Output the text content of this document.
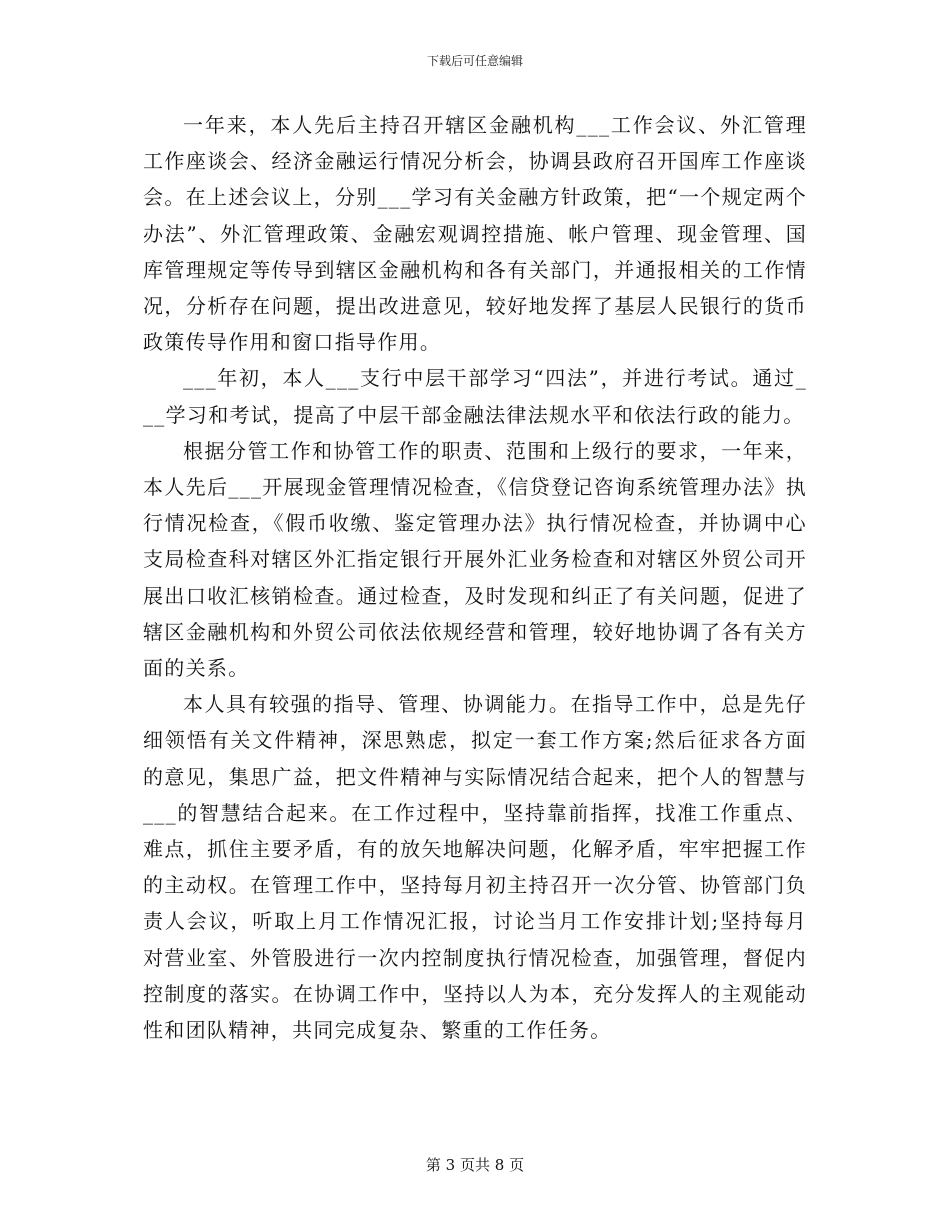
下载后可任意编辑

一年来，本人先后主持召开辖区金融机构___工作会议、外汇管理工作座谈会、经济金融运行情况分析会，协调县政府召开国库工作座谈会。在上述会议上，分别___学习有关金融方针政策，把“一个规定两个办法”、外汇管理政策、金融宏观调控措施、帐户管理、现金管理、国库管理规定等传导到辖区金融机构和各有关部门，并通报相关的工作情况，分析存在问题，提出改进意见，较好地发挥了基层人民银行的货币政策传导作用和窗口指导作用。

___年初，本人___支行中层干部学习“四法”，并进行考试。通过___学习和考试，提高了中层干部金融法律法规水平和依法行政的能力。

根据分管工作和协管工作的职责、范围和上级行的要求，一年来，本人先后___开展现金管理情况检查，《信贷登记咨询系统管理办法》执行情况检查，《假币收缴、鉴定管理办法》执行情况检查，并协调中心支局检查科对辖区外汇指定银行开展外汇业务检查和对辖区外贸公司开展出口收汇核销检查。通过检查，及时发现和纠正了有关问题，促进了辖区金融机构和外贸公司依法依规经营和管理，较好地协调了各有关方面的关系。

本人具有较强的指导、管理、协调能力。在指导工作中，总是先仔细领悟有关文件精神，深思熟虑，拟定一套工作方案;然后征求各方面的意见，集思广益，把文件精神与实际情况结合起来，把个人的智慧与___的智慧结合起来。在工作过程中，坚持靠前指挥，找准工作重点、难点，抓住主要矛盾，有的放矢地解决问题，化解矛盾，牢牢把握工作的主动权。在管理工作中，坚持每月初主持召开一次分管、协管部门负责人会议，听取上月工作情况汇报，讨论当月工作安排计划;坚持每月对营业室、外管股进行一次内控制度执行情况检查，加强管理，督促内控制度的落实。在协调工作中，坚持以人为本，充分发挥人的主观能动性和团队精神，共同完成复杂、繁重的工作任务。

第 3 页共 8 页
